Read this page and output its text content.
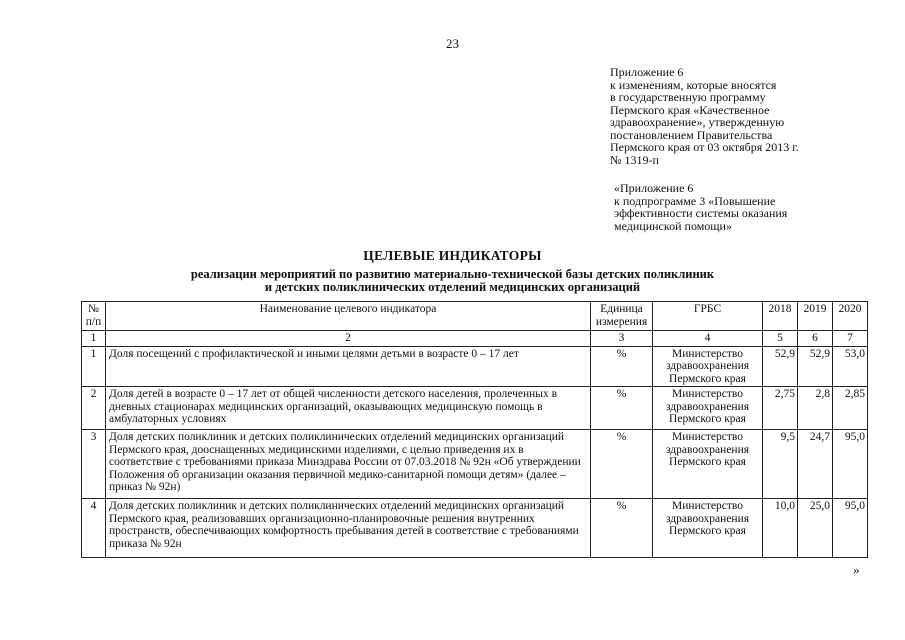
23
Приложение 6
к изменениям, которые вносятся
в государственную программу
Пермского края «Качественное
здравоохранение», утвержденную
постановлением Правительства
Пермского края от 03 октября 2013 г.
№ 1319-п
«Приложение 6
к подпрограмме 3 «Повышение
эффективности системы оказания
медицинской помощи»
ЦЕЛЕВЫЕ ИНДИКАТОРЫ
реализации мероприятий по развитию материально-технической базы детских поликлиник
и детских поликлинических отделений медицинских организаций
№ п/п	Наименование целевого индикатора	Единица измерения	ГРБС	2018	2019	2020
1	2	3	4	5	6	7
1	Доля посещений с профилактической и иными целями детьми в возрасте 0 – 17 лет	%	Министерство здравоохранения Пермского края	52,9	52,9	53,0
2	Доля детей в возрасте 0 – 17 лет от общей численности детского населения, пролеченных в дневных стационарах медицинских организаций, оказывающих медицинскую помощь в амбулаторных условиях	%	Министерство здравоохранения Пермского края	2,75	2,8	2,85
3	Доля детских поликлиник и детских поликлинических отделений медицинских организаций Пермского края, дооснащенных медицинскими изделиями, с целью приведения их в соответствие с требованиями приказа Минздрава России от 07.03.2018 № 92н «Об утверждении Положения об организации оказания первичной медико-санитарной помощи детям» (далее – приказ № 92н)	%	Министерство здравоохранения Пермского края	9,5	24,7	95,0
4	Доля детских поликлиник и детских поликлинических отделений медицинских организаций Пермского края, реализовавших организационно-планировочные решения внутренних пространств, обеспечивающих комфортность пребывания детей в соответствие с требованиями приказа № 92н	%	Министерство здравоохранения Пермского края	10,0	25,0	95,0
»
